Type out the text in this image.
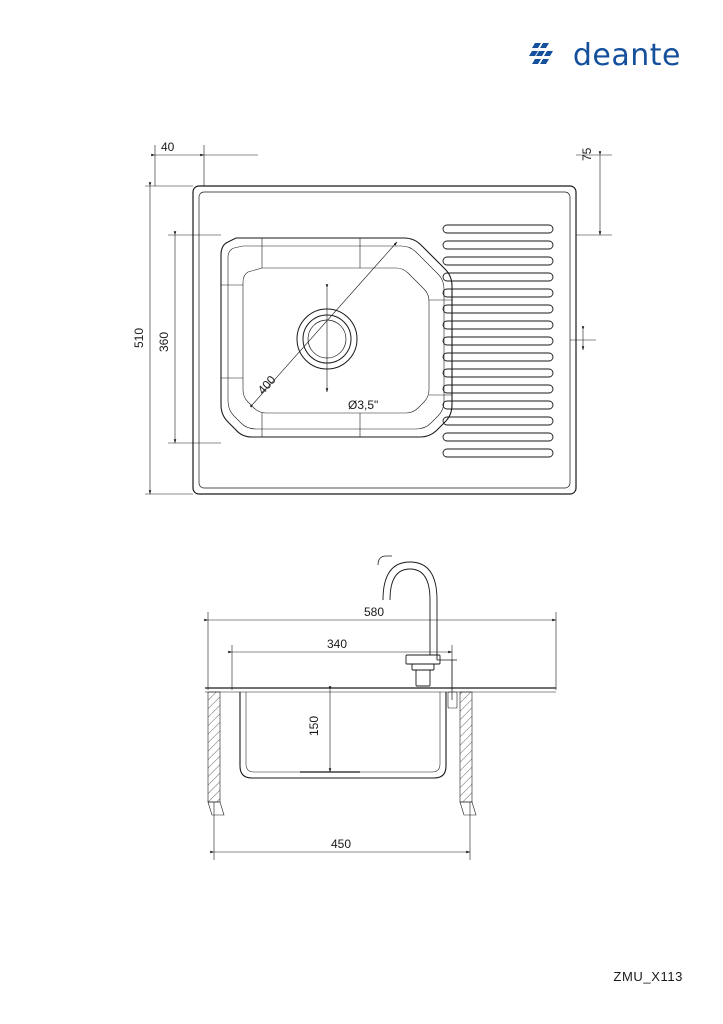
deante
40
75
510 360
400
Ø3,5"
580
340
150
450
ZMU_X113
